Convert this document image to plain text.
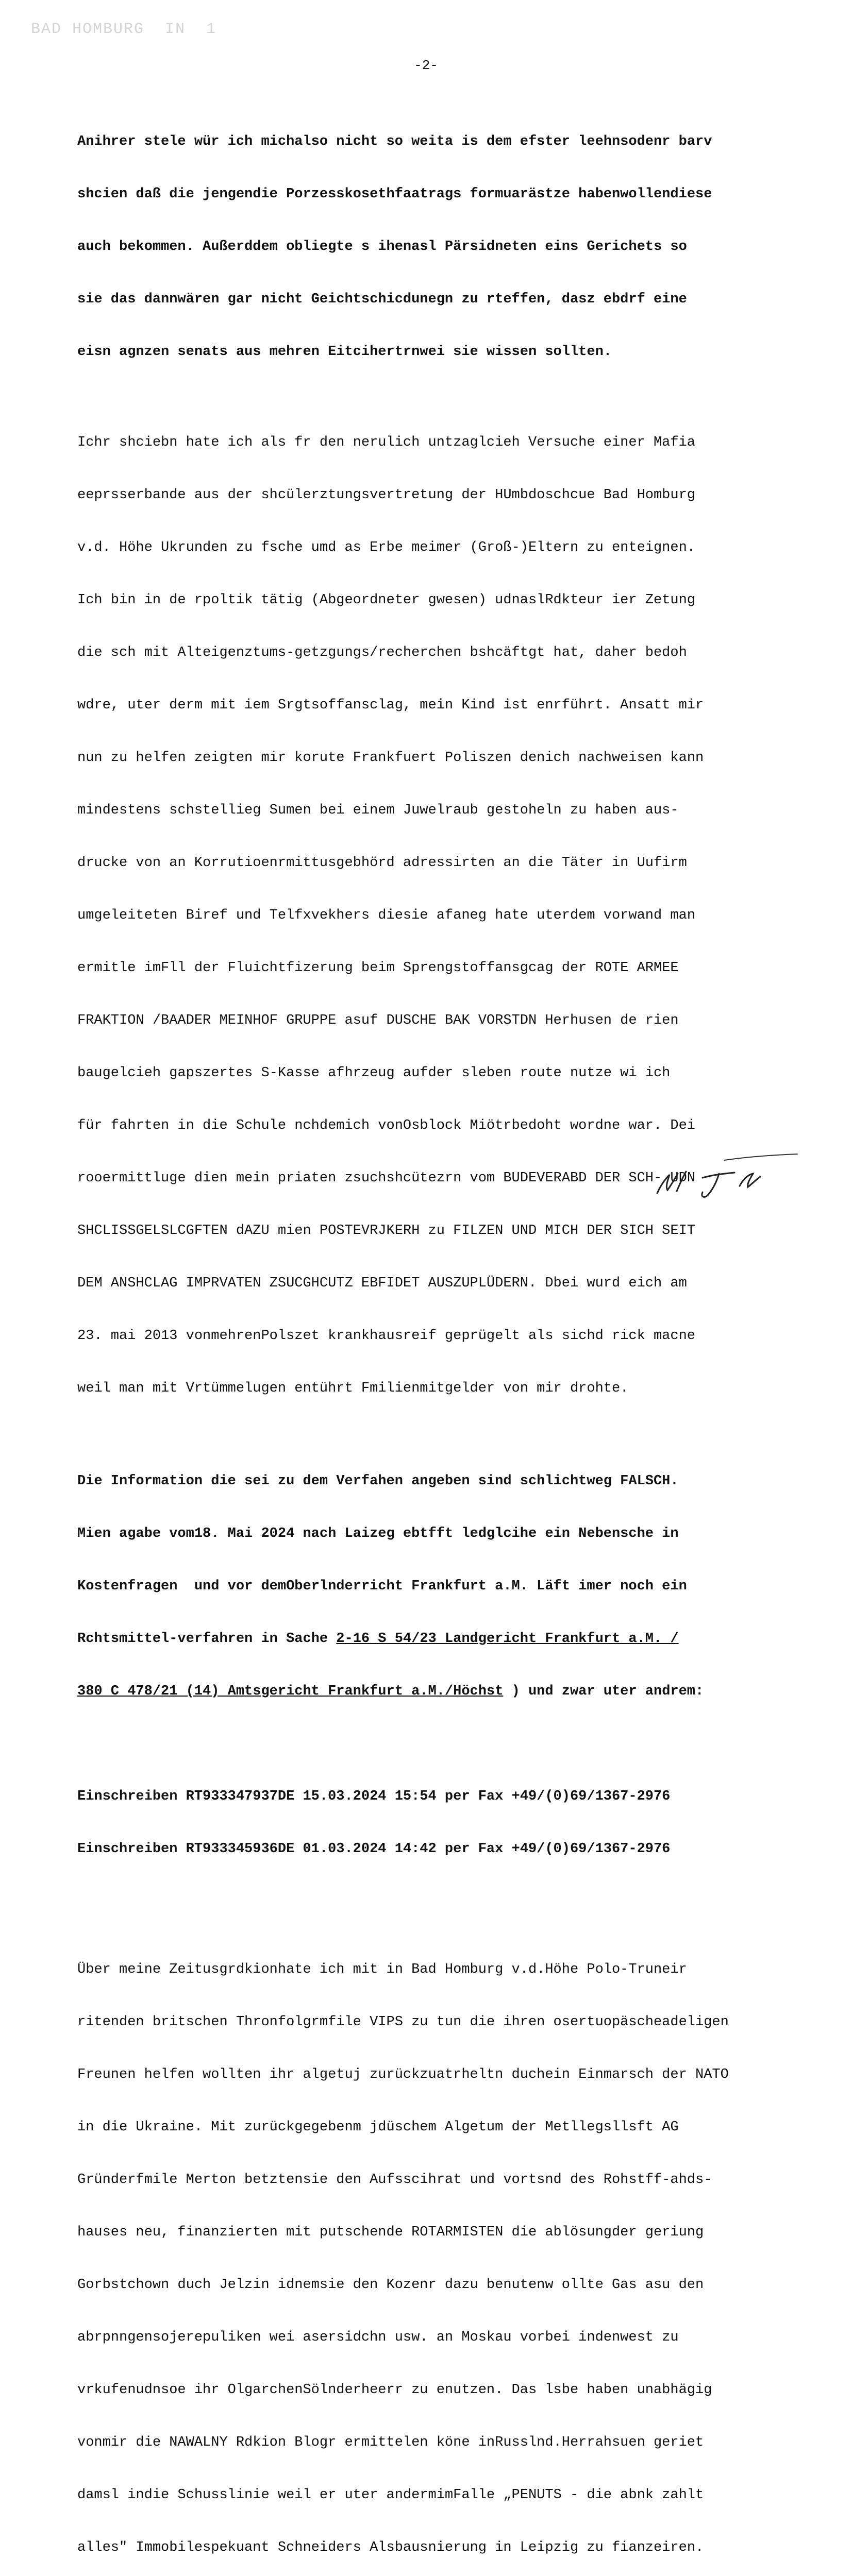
BAD HOMBURG  IN  1
-2-

Anihrer stele wür ich michalso nicht so weita is dem efster leehnsodenr barv

shcien daß die jengendie Porzesskosethfaatrags formuarästze habenwollendiese

auch bekommen. Außerddem obliegte s ihenasl Pärsidneten eins Gerichets so

sie das dannwären gar nicht Geichtschicdunegn zu rteffen, dasz ebdrf eine

eisn agnzen senats aus mehren Eitcihertrnwei sie wissen sollten.

Ichr shciebn hate ich als fr den nerulich untzaglcieh Versuche einer Mafia

eeprsserbande aus der shcülerztungsvertretung der HUmbdoschcue Bad Homburg

v.d. Höhe Ukrunden zu fsche umd as Erbe meimer (Groß-)Eltern zu enteignen.

Ich bin in de rpoltik tätig (Abgeordneter gwesen) udnaslRdkteur ier Zetung

die sch mit Alteigenztums-getzgungs/recherchen bshcäftgt hat, daher bedoh

wdre, uter derm mit iem Srgtsoffansclag, mein Kind ist enrführt. Ansatt mir

nun zu helfen zeigten mir korute Frankfuert Poliszen denich nachweisen kann

mindestens schstellieg Sumen bei einem Juwelraub gestoheln zu haben aus-

drucke von an Korrutioenrmittusgebhörd adressirten an die Täter in Uufirm

umgeleiteten Biref und Telfxvekhers diesie afaneg hate uterdem vorwand man

ermitle imFll der Fluichtfizerung beim Sprengstoffansgcag der ROTE ARMEE

FRAKTION /BAADER MEINHOF GRUPPE asuf DUSCHE BAK VORSTDN Herhusen de rien

baugelcieh gapszertes S-Kasse afhrzeug aufder sleben route nutze wi ich

für fahrten in die Schule nchdemich vonOsblock Miötrbedoht wordne war. Dei

rooermittluge dien mein priaten zsuchshcütezrn vom BUDEVERABD DER SCH- UDN

SHCLISSGELSLCGFTEN dAZU mien POSTEVRJKERH zu FILZEN UND MICH DER SICH SEIT

DEM ANSHCLAG IMPRVATEN ZSUCGHCUTZ EBFIDET AUSZUPLÜDERN. Dbei wurd eich am

23. mai 2013 vonmehrenPolszet krankhausreif geprügelt als sichd rick macne

weil man mit Vrtümmelugen entührt Fmilienmitgelder von mir drohte.

Die Information die sei zu dem Verfahen angeben sind schlichtweg FALSCH.

Mien agabe vom18. Mai 2024 nach Laizeg ebtfft ledglcihe ein Nebensche in

Kostenfragen  und vor demOberlnderricht Frankfurt a.M. Läft imer noch ein

Rchtsmittel-verfahren in Sache 2-16 S 54/23 Landgericht Frankfurt a.M. /

380 C 478/21 (14) Amtsgericht Frankfurt a.M./Höchst ) und zwar uter andrem:

Einschreiben RT933347937DE 15.03.2024 15:54 per Fax +49/(0)69/1367-2976

Einschreiben RT933345936DE 01.03.2024 14:42 per Fax +49/(0)69/1367-2976

Über meine Zeitusgrdkionhate ich mit in Bad Homburg v.d.Höhe Polo-Truneir

ritenden britschen Thronfolgrmfile VIPS zu tun die ihren osertuopäscheadeligen

Freunen helfen wollten ihr algetuj zurückzuatrheltn duchein Einmarsch der NATO

in die Ukraine. Mit zurückgegebenm jdüschem Algetum der Metllegsllsft AG

Gründerfmile Merton betztensie den Aufsscihrat und vortsnd des Rohstff-ahds-

hauses neu, finanzierten mit putschende ROTARMISTEN die ablösungder geriung

Gorbstchown duch Jelzin idnemsie den Kozenr dazu benutenw ollte Gas asu den

abrpnngensojerepuliken wei asersidchn usw. an Moskau vorbei indenwest zu

vrkufenudnsoe ihr OlgarchenSölnderheerr zu enutzen. Das lsbe haben unabhägig

vonmir die NAWALNY Rdkion Blogr ermittelen köne inRusslnd.Herrahsuen geriet

damsl indie Schusslinie weil er uter andermimFalle „PENUTS - die abnk zahlt

alles" Immobilespekuant Schneiders Alsbausnierung in Leipzig zu fianzeiren.
